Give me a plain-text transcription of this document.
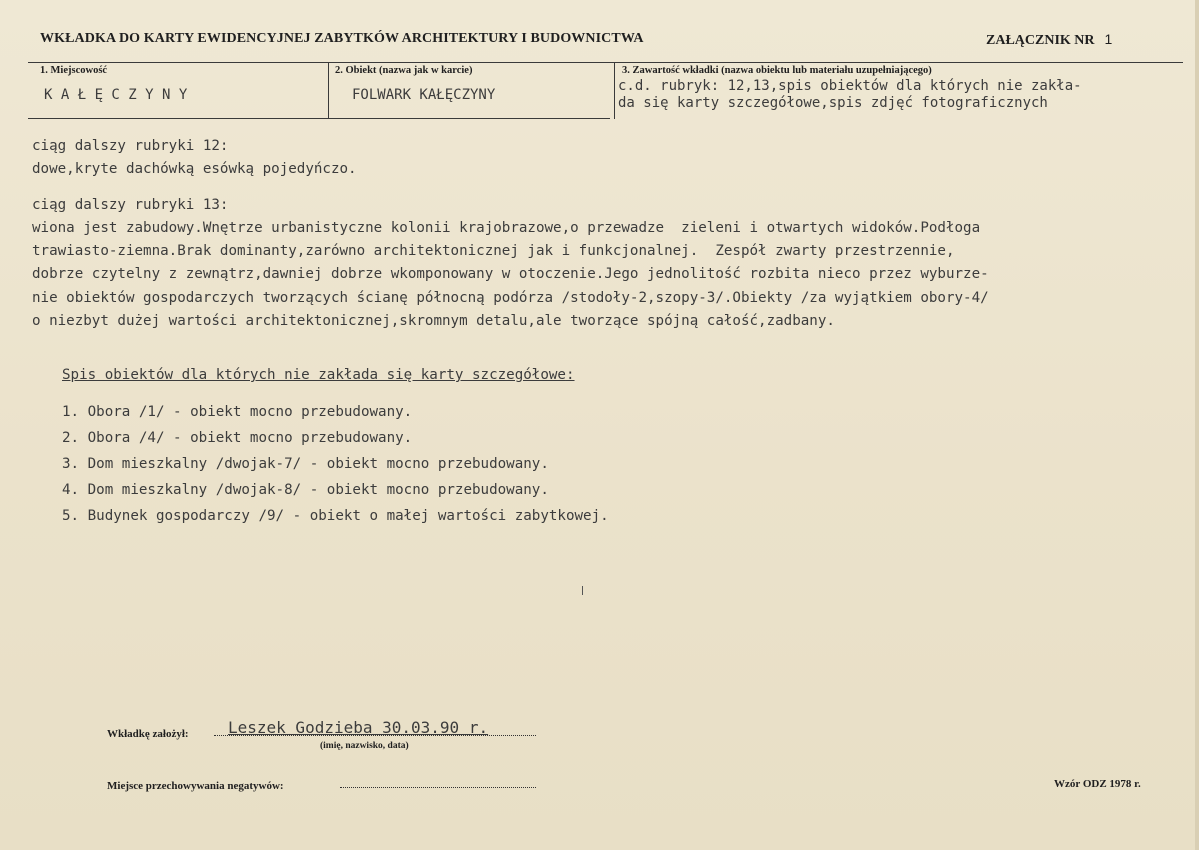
WKŁADKA DO KARTY EWIDENCYJNEJ ZABYTKÓW ARCHITEKTURY I BUDOWNICTWA	ZAŁĄCZNIK NR 1
1. Miejscowość
K A Ł Ę C Z Y N Y
2. Obiekt (nazwa jak w karcie)
FOLWARK KAŁĘCZYNY
3. Zawartość wkładki (nazwa obiektu lub materiału uzupełniającego)
c.d. rubryk: 12,13,spis obiektów dla których nie zakła-
da się karty szczegółowe,spis zdjęć fotograficznych
ciąg dalszy rubryki 12:
dowe,kryte dachówką esówką pojedyńczo.
ciąg dalszy rubryki 13:
wiona jest zabudowy.Wnętrze urbanistyczne kolonii krajobrazowe,o przewadze  zieleni i otwartych widoków.Podłoga
trawiasto-ziemna.Brak dominanty,zarówno architektonicznej jak i funkcjonalnej.  Zespół zwarty przestrzennie,
dobrze czytelny z zewnątrz,dawniej dobrze wkomponowany w otoczenie.Jego jednolitość rozbita nieco przez wyburze-
nie obiektów gospodarczych tworzących ścianę północną podórza /stodoły-2,szopy-3/.Obiekty /za wyjątkiem obory-4/
o niezbyt dużej wartości architektonicznej,skromnym detalu,ale tworzące spójną całość,zadbany.
Spis obiektów dla których nie zakłada się karty szczegółowe:
1. Obora /1/ - obiekt mocno przebudowany.
2. Obora /4/ - obiekt mocno przebudowany.
3. Dom mieszkalny /dwojak-7/ - obiekt mocno przebudowany.
4. Dom mieszkalny /dwojak-8/ - obiekt mocno przebudowany.
5. Budynek gospodarczy /9/ - obiekt o małej wartości zabytkowej.
Wkładkę założył: Leszek Godzieba 30.03.90 r.
(imię, nazwisko, data)
Miejsce przechowywania negatywów:	Wzór ODZ 1978 r.
